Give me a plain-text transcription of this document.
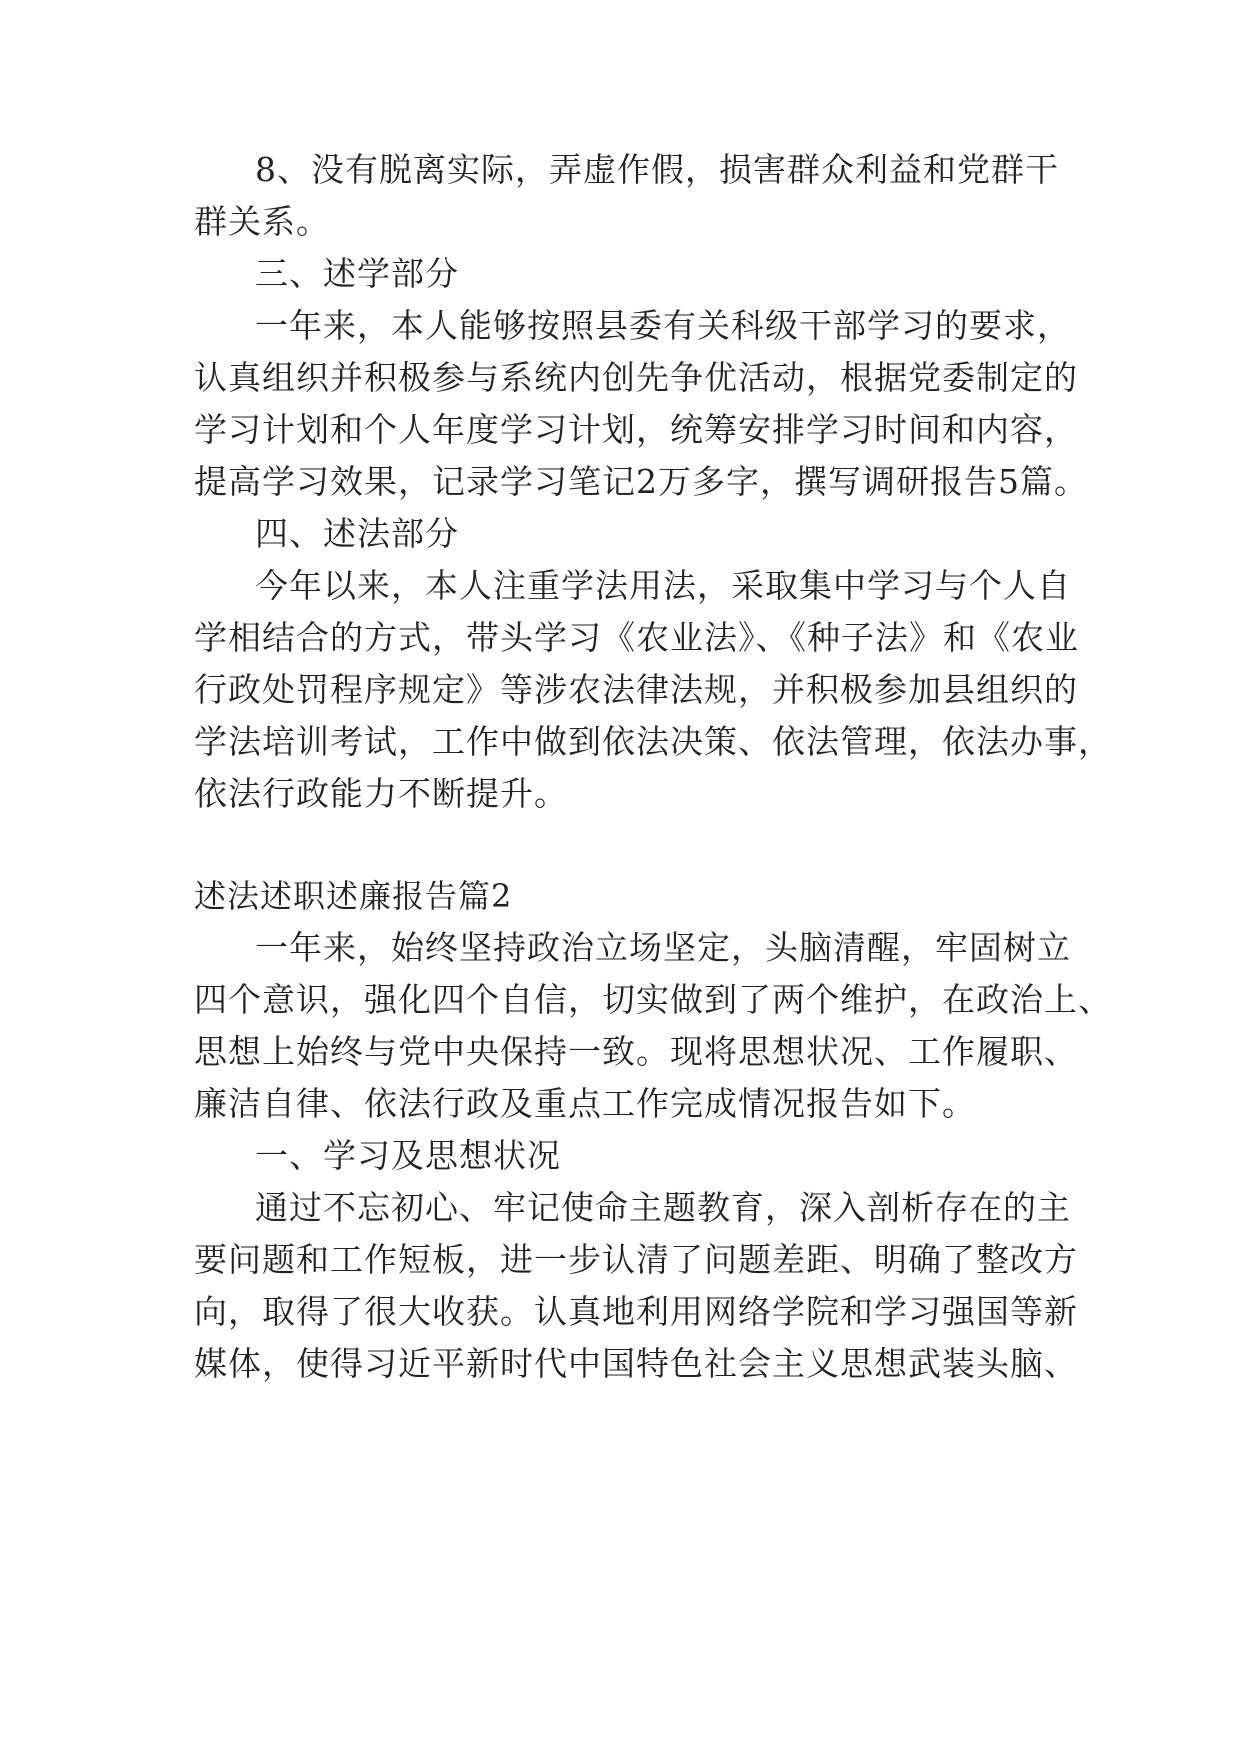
8、没有脱离实际，弄虚作假，损害群众利益和党群干
群关系。
三、述学部分
一年来，本人能够按照县委有关科级干部学习的要求，
认真组织并积极参与系统内创先争优活动，根据党委制定的
学习计划和个人年度学习计划，统筹安排学习时间和内容，
提高学习效果，记录学习笔记2万多字，撰写调研报告5篇。
四、述法部分
今年以来，本人注重学法用法，采取集中学习与个人自
学相结合的方式，带头学习《农业法》、《种子法》和《农业
行政处罚程序规定》等涉农法律法规，并积极参加县组织的
学法培训考试，工作中做到依法决策、依法管理，依法办事，
依法行政能力不断提升。
述法述职述廉报告篇2
一年来，始终坚持政治立场坚定，头脑清醒，牢固树立
四个意识，强化四个自信，切实做到了两个维护，在政治上、
思想上始终与党中央保持一致。现将思想状况、工作履职、
廉洁自律、依法行政及重点工作完成情况报告如下。
一、学习及思想状况
通过不忘初心、牢记使命主题教育，深入剖析存在的主
要问题和工作短板，进一步认清了问题差距、明确了整改方
向，取得了很大收获。认真地利用网络学院和学习强国等新
媒体，使得习近平新时代中国特色社会主义思想武装头脑、
